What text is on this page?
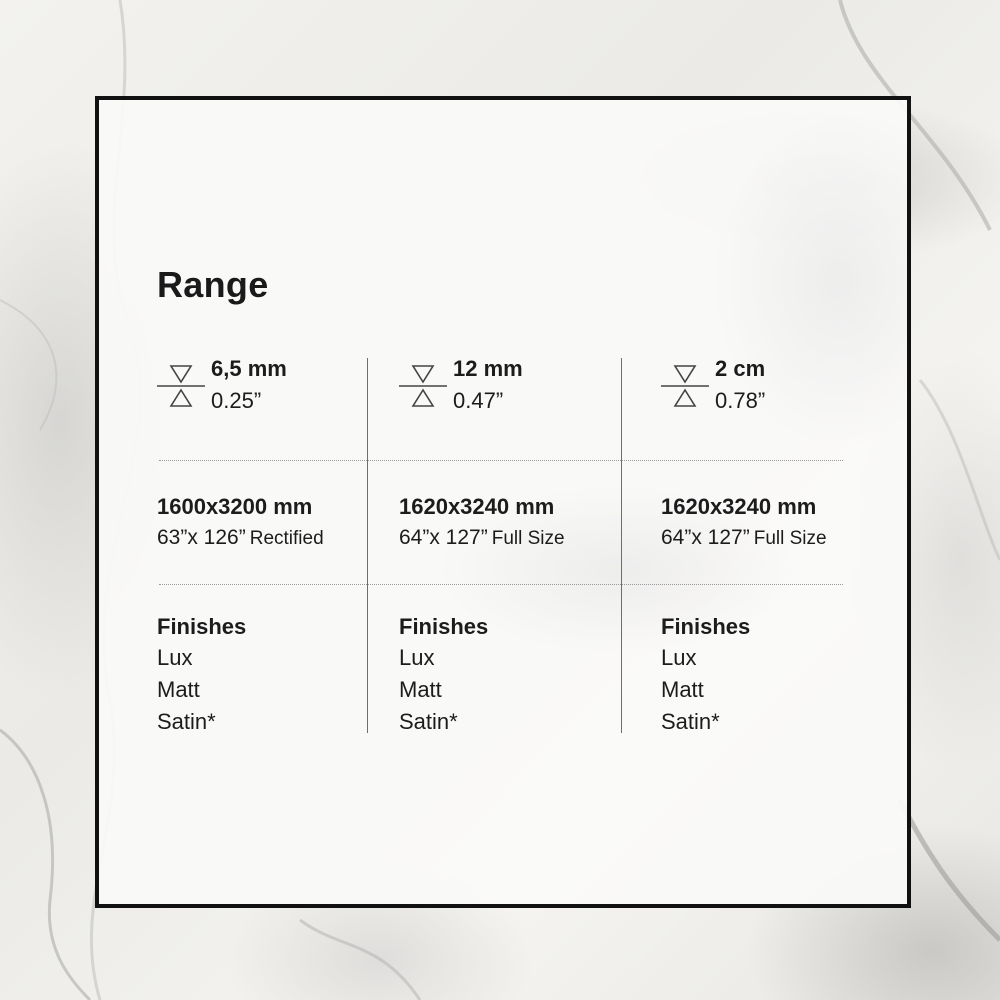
Range
6,5 mm
0.25”
1600x3200 mm
63”x 126” Rectified
Finishes
Lux
Matt
Satin*
12 mm
0.47”
1620x3240 mm
64”x 127” Full Size
Finishes
Lux
Matt
Satin*
2 cm
0.78”
1620x3240 mm
64”x 127” Full Size
Finishes
Lux
Matt
Satin*
